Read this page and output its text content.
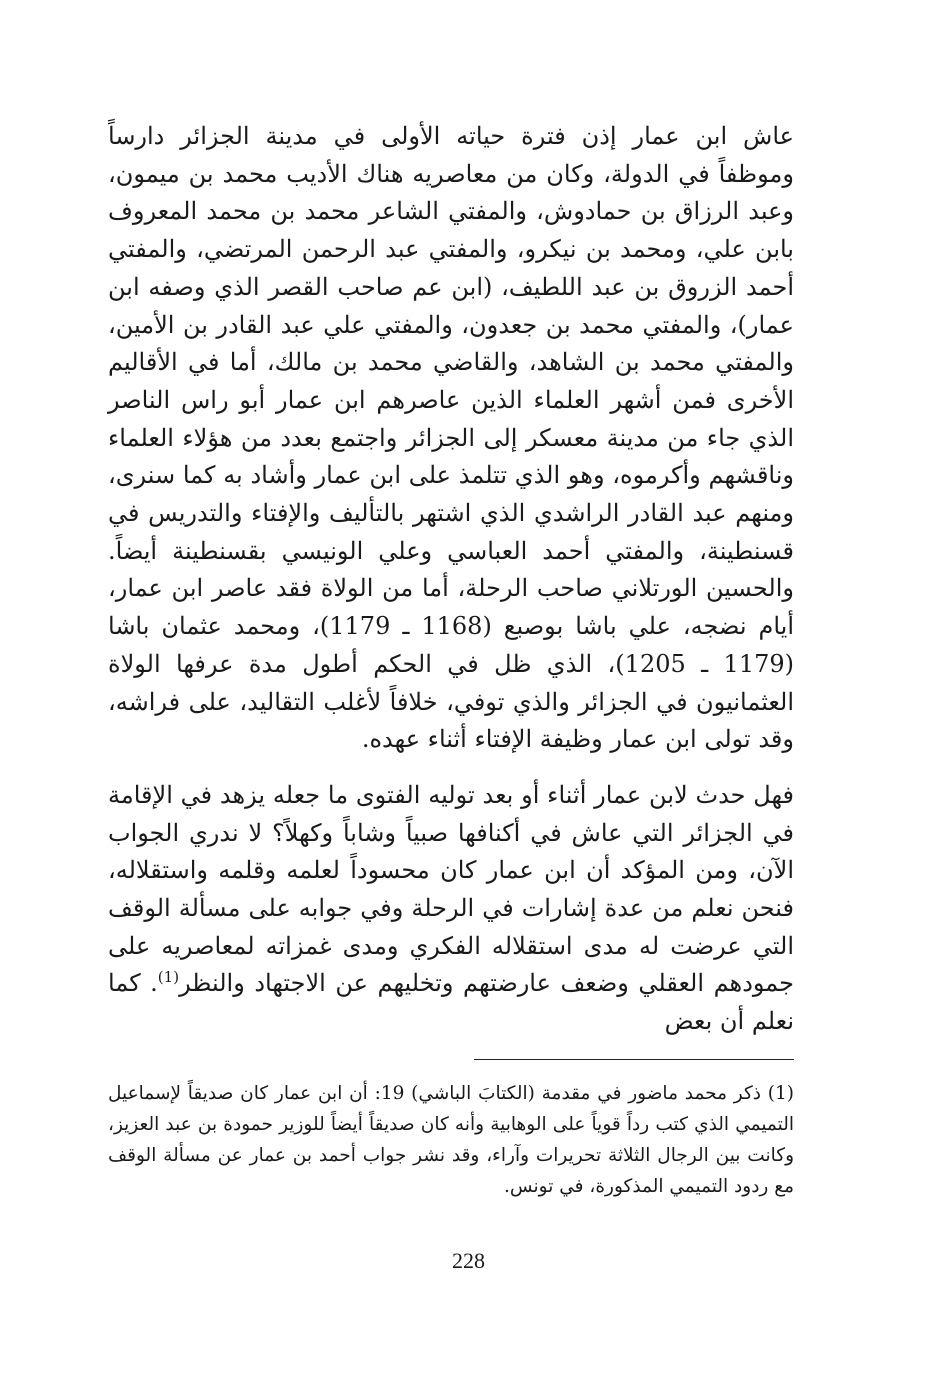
عاش ابن عمار إذن فترة حياته الأولى في مدينة الجزائر دارساً وموظفاً في الدولة، وكان من معاصريه هناك الأديب محمد بن ميمون، وعبد الرزاق بن حمادوش، والمفتي الشاعر محمد بن محمد المعروف بابن علي، ومحمد بن نيكرو، والمفتي عبد الرحمن المرتضي، والمفتي أحمد الزروق بن عبد اللطيف، (ابن عم صاحب القصر الذي وصفه ابن عمار)، والمفتي محمد بن جعدون، والمفتي علي عبد القادر بن الأمين، والمفتي محمد بن الشاهد، والقاضي محمد بن مالك، أما في الأقاليم الأخرى فمن أشهر العلماء الذين عاصرهم ابن عمار أبو راس الناصر الذي جاء من مدينة معسكر إلى الجزائر واجتمع بعدد من هؤلاء العلماء وناقشهم وأكرموه، وهو الذي تتلمذ على ابن عمار وأشاد به كما سنرى، ومنهم عبد القادر الراشدي الذي اشتهر بالتأليف والإفتاء والتدريس في قسنطينة، والمفتي أحمد العباسي وعلي الونيسي بقسنطينة أيضاً. والحسين الورتلاني صاحب الرحلة، أما من الولاة فقد عاصر ابن عمار، أيام نضجه، علي باشا بوصبع (1168 ـ 1179)، ومحمد عثمان باشا (1179 ـ 1205)، الذي ظل في الحكم أطول مدة عرفها الولاة العثمانيون في الجزائر والذي توفي، خلافاً لأغلب التقاليد، على فراشه، وقد تولى ابن عمار وظيفة الإفتاء أثناء عهده.

فهل حدث لابن عمار أثناء أو بعد توليه الفتوى ما جعله يزهد في الإقامة في الجزائر التي عاش في أكنافها صبياً وشاباً وكهلاً؟ لا ندري الجواب الآن، ومن المؤكد أن ابن عمار كان محسوداً لعلمه وقلمه واستقلاله، فنحن نعلم من عدة إشارات في الرحلة وفي جوابه على مسألة الوقف التي عرضت له مدى استقلاله الفكري ومدى غمزاته لمعاصريه على جمودهم العقلي وضعف عارضتهم وتخليهم عن الاجتهاد والنظر$^{(1)}$. كما نعلم أن بعض

(1) ذكر محمد ماضور في مقدمة (الكتابَ الباشي) 19: أن ابن عمار كان صديقاً لإسماعيل التميمي الذي كتب رداً قوياً على الوهابية وأنه كان صديقاً أيضاً للوزير حمودة بن عبد العزيز، وكانت بين الرجال الثلاثة تحريرات وآراء، وقد نشر جواب أحمد بن عمار عن مسألة الوقف مع ردود التميمي المذكورة، في تونس.

228
